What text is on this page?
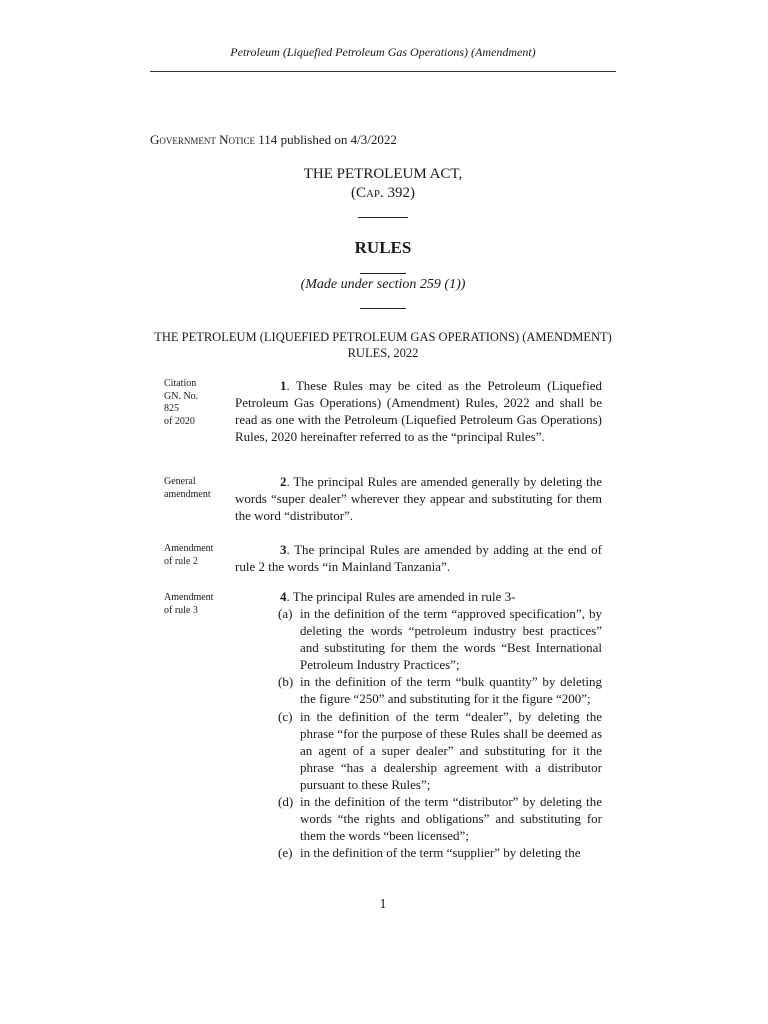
Petroleum (Liquefied Petroleum Gas Operations) (Amendment)
Government Notice 114 published on 4/3/2022
THE PETROLEUM ACT,
(Cap. 392)
RULES
(Made under section 259 (1))
THE PETROLEUM (LIQUEFIED PETROLEUM GAS OPERATIONS) (AMENDMENT)
RULES, 2022
Citation
GN. No.
825
of 2020
1. These Rules may be cited as the Petroleum (Liquefied Petroleum Gas Operations) (Amendment) Rules, 2022 and shall be read as one with the Petroleum (Liquefied Petroleum Gas Operations) Rules, 2020 hereinafter referred to as the “principal Rules”.
General
amendment
2. The principal Rules are amended generally by deleting the words “super dealer” wherever they appear and substituting for them the word “distributor”.
Amendment
of rule 2
3. The principal Rules are amended by adding at the end of rule 2 the words “in Mainland Tanzania”.
Amendment
of rule 3
4. The principal Rules are amended in rule 3-
(a) in the definition of the term “approved specification”, by deleting the words “petroleum industry best practices” and substituting for them the words “Best International Petroleum Industry Practices”;
(b) in the definition of the term “bulk quantity” by deleting the figure “250” and substituting for it the figure “200”;
(c) in the definition of the term “dealer”, by deleting the phrase “for the purpose of these Rules shall be deemed as an agent of a super dealer” and substituting for it the phrase “has a dealership agreement with a distributor pursuant to these Rules”;
(d) in the definition of the term “distributor” by deleting the words “the rights and obligations” and substituting for them the words “been licensed”;
(e) in the definition of the term “supplier” by deleting the
1
